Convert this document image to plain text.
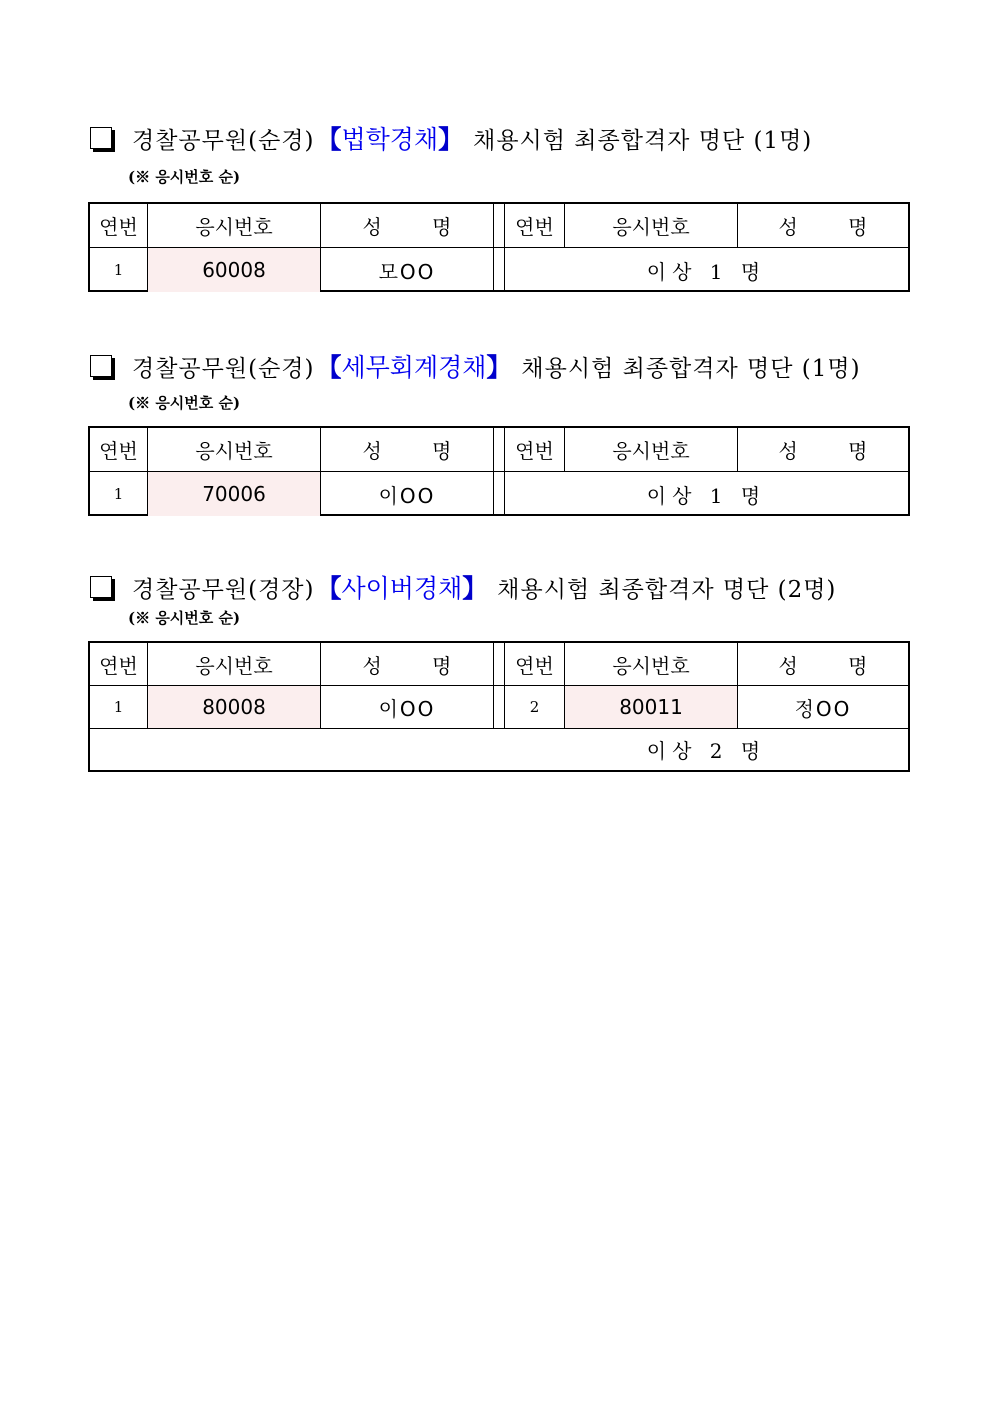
경찰공무원(순경) 【법학경채】 채용시험 최종합격자 명단 (1명)
(※ 응시번호 순)
연번	응시번호	성 명	연번	응시번호	성 명
1	60008	모OO	이상 1 명
경찰공무원(순경) 【세무회계경채】 채용시험 최종합격자 명단 (1명)
(※ 응시번호 순)
연번	응시번호	성 명	연번	응시번호	성 명
1	70006	이OO	이상 1 명
경찰공무원(경장) 【사이버경채】 채용시험 최종합격자 명단 (2명)
(※ 응시번호 순)
연번	응시번호	성 명	연번	응시번호	성 명
1	80008	이OO	2	80011	정OO
이상 2 명
